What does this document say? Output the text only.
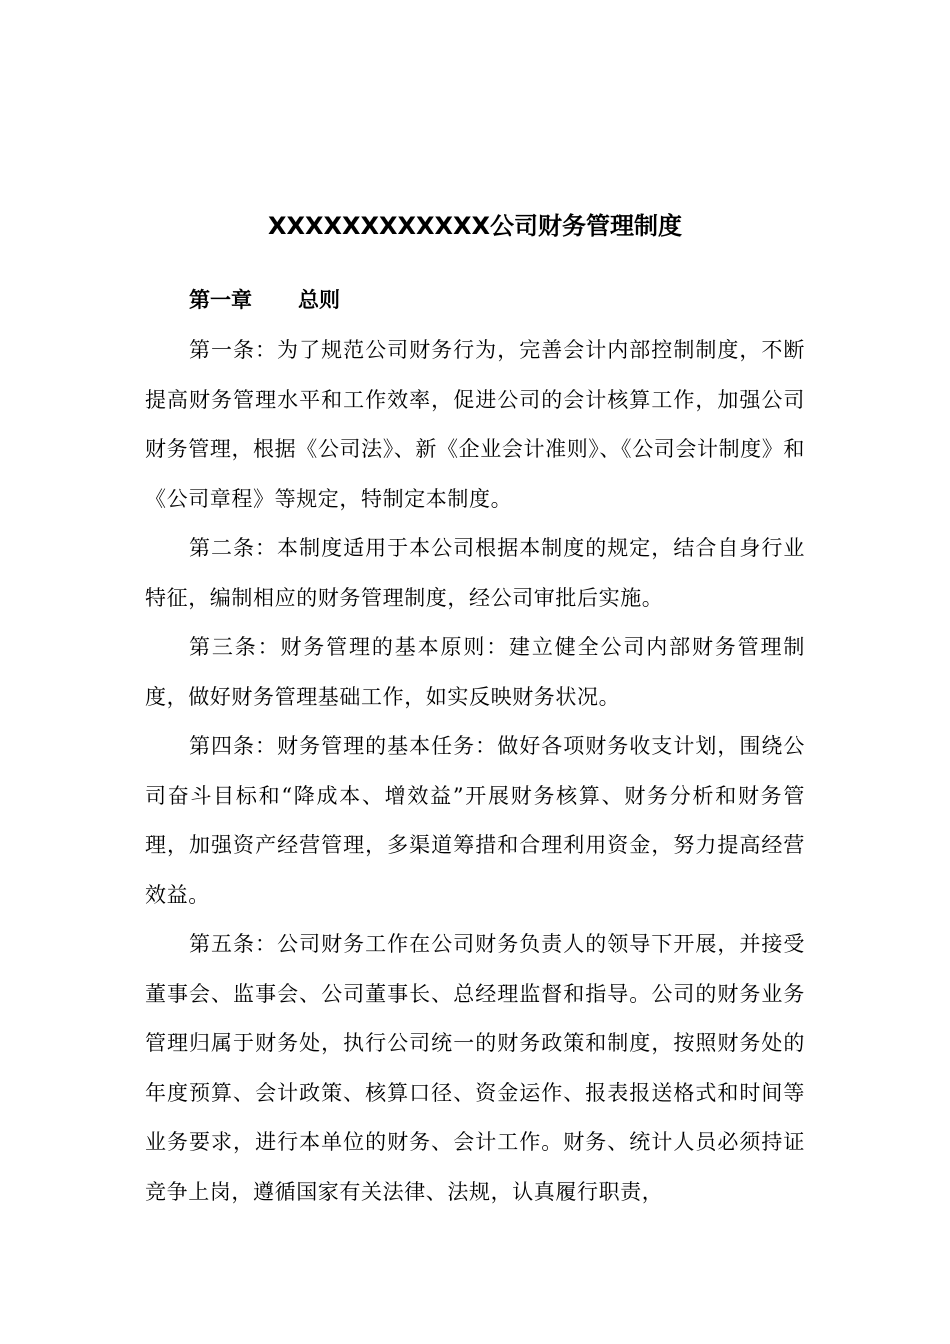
XXXXXXXXXXXX公司财务管理制度
第一章 总则

第一条：为了规范公司财务行为，完善会计内部控制制度，不断提高财务管理水平和工作效率，促进公司的会计核算工作，加强公司财务管理，根据《公司法》、新《企业会计准则》、《公司会计制度》和《公司章程》等规定，特制定本制度。

第二条：本制度适用于本公司根据本制度的规定，结合自身行业特征，编制相应的财务管理制度，经公司审批后实施。

第三条：财务管理的基本原则：建立健全公司内部财务管理制度，做好财务管理基础工作，如实反映财务状况。

第四条：财务管理的基本任务：做好各项财务收支计划，围绕公司奋斗目标和“降成本、增效益”开展财务核算、财务分析和财务管理，加强资产经营管理，多渠道筹措和合理利用资金，努力提高经营效益。

第五条：公司财务工作在公司财务负责人的领导下开展，并接受董事会、监事会、公司董事长、总经理监督和指导。公司的财务业务管理归属于财务处，执行公司统一的财务政策和制度，按照财务处的年度预算、会计政策、核算口径、资金运作、报表报送格式和时间等业务要求，进行本单位的财务、会计工作。财务、统计人员必须持证竞争上岗，遵循国家有关法律、法规，认真履行职责，
